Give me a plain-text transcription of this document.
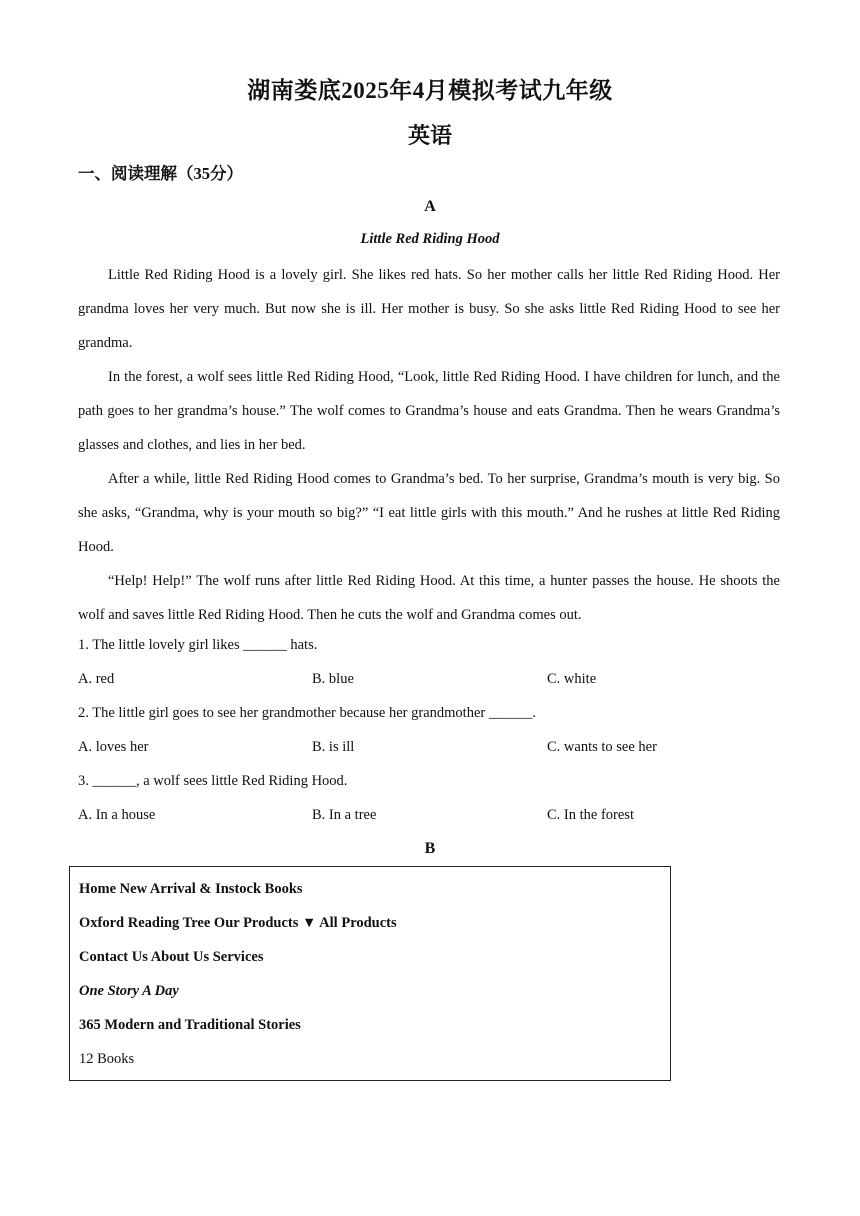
湖南娄底2025年4月模拟考试九年级
英语
一、阅读理解（35分）
A
Little Red Riding Hood

Little Red Riding Hood is a lovely girl. She likes red hats. So her mother calls her little Red Riding Hood. Her grandma loves her very much. But now she is ill. Her mother is busy. So she asks little Red Riding Hood to see her grandma.

In the forest, a wolf sees little Red Riding Hood, “Look, little Red Riding Hood. I have children for lunch, and the path goes to her grandma’s house.” The wolf comes to Grandma’s house and eats Grandma. Then he wears Grandma’s glasses and clothes, and lies in her bed.

After a while, little Red Riding Hood comes to Grandma’s bed. To her surprise, Grandma’s mouth is very big. So she asks, “Grandma, why is your mouth so big?” “I eat little girls with this mouth.” And he rushes at little Red Riding Hood.

“Help! Help!” The wolf runs after little Red Riding Hood. At this time, a hunter passes the house. He shoots the wolf and saves little Red Riding Hood. Then he cuts the wolf and Grandma comes out.

1. The little lovely girl likes ______ hats.
A. red	B. blue	C. white
2. The little girl goes to see her grandmother because her grandmother ______.
A. loves her	B. is ill	C. wants to see her
3. ______, a wolf sees little Red Riding Hood.
A. In a house	B. In a tree	C. In the forest
B
Home New Arrival & Instock Books
Oxford Reading Tree Our Products ▼ All Products
Contact Us About Us Services
One Story A Day
365 Modern and Traditional Stories
12 Books
